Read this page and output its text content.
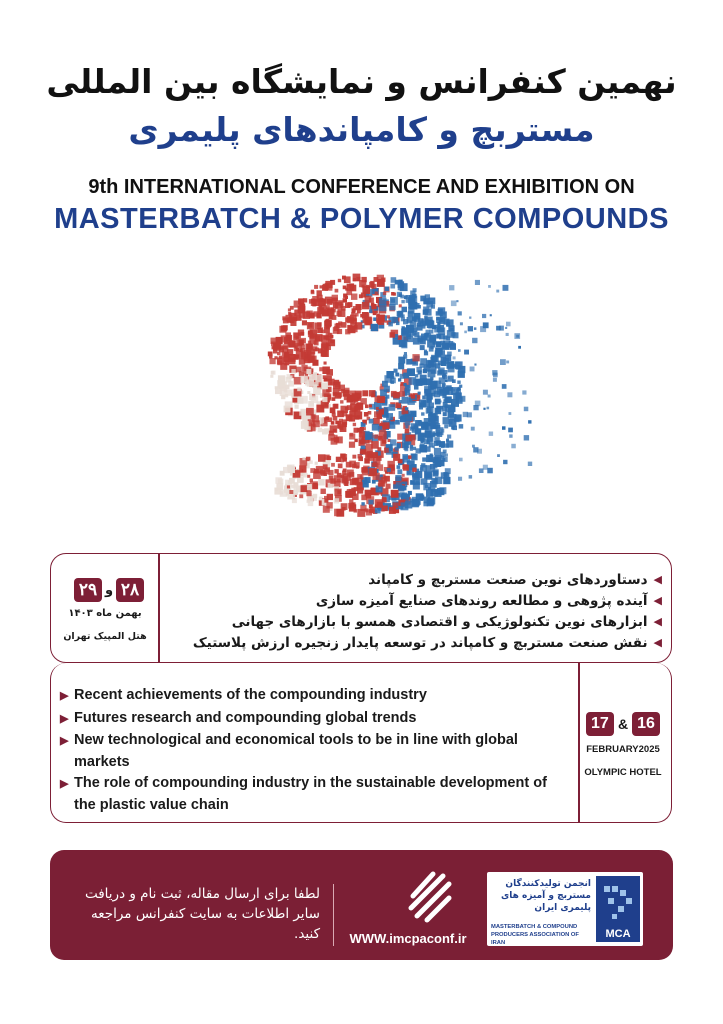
نهمین کنفرانس و نمایشگاه بین المللی
مستربچ و کامپاندهای پلیمری
9th INTERNATIONAL CONFERENCE AND EXHIBITION ON
MASTERBATCH & POLYMER COMPOUNDS
۲۹ و ۲۸
بهمن ماه ۱۴۰۳
هتل المپیک تهران
◀
دستاوردهای نوین صنعت مستربچ و کامپاند
◀
آینده پژوهی و مطالعه روندهای صنایع آمیزه سازی
◀
ابزارهای نوین تکنولوژیکی و اقتصادی همسو با بازارهای جهانی
◀
نقش صنعت مستربچ و کامپاند در توسعه پایدار زنجیره ارزش پلاستیک
▶ Recent achievements of the compounding industry
▶ Futures research and compounding global trends
▶ New technological and economical tools to be in line with global markets
▶ The role of compounding industry in the sustainable development of the plastic value chain
17 & 16
FEBRUARY2025
OLYMPIC HOTEL
لطفا برای ارسال مقاله، ثبت نام و دریافت سایر اطلاعات به سایت کنفرانس مراجعه کنید.	WWW.imcpaconf.ir
انجمن تولیدکنندگان مستربچ و آمیزه های پلیمری ایران
MASTERBATCH & COMPOUND PRODUCERS ASSOCIATION OF IRAN
MCA
